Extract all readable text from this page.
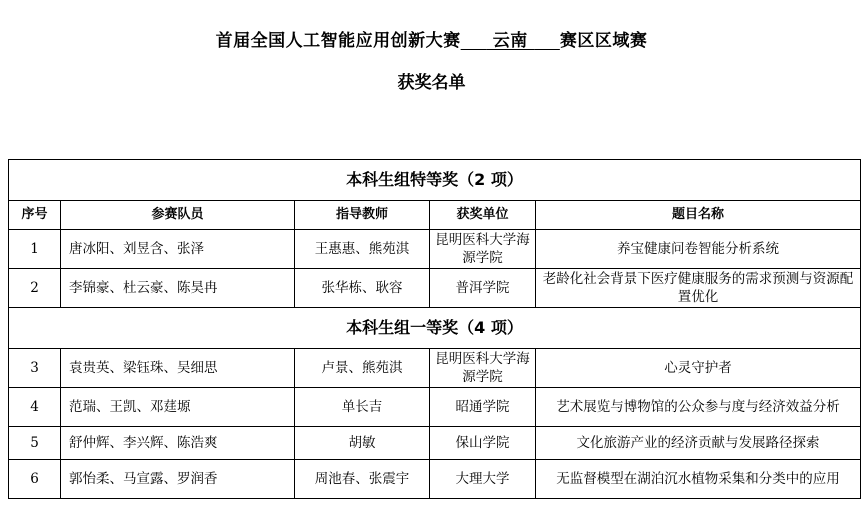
首届全国人工智能应用创新大赛     云南     赛区区域赛
获奖名单
本科生组特等奖（2 项）				
序号	参赛队员	指导教师	获奖单位	题目名称
1	唐冰阳、刘昱含、张泽	王惠惠、熊苑淇	昆明医科大学海源学院	养宝健康问卷智能分析系统
2	李锦豪、杜云豪、陈昊冉	张华栋、耿容	普洱学院	老龄化社会背景下医疗健康服务的需求预测与资源配置优化
本科生组一等奖（4 项）				
3	袁贵英、梁钰珠、吴细思	卢景、熊苑淇	昆明医科大学海源学院	心灵守护者
4	范瑞、王凯、邓莛塬	单长吉	昭通学院	艺术展览与博物馆的公众参与度与经济效益分析
5	舒仲辉、李兴辉、陈浩爽	胡敏	保山学院	文化旅游产业的经济贡献与发展路径探索
6	郭怡柔、马宣露、罗润香	周池春、张震宇	大理大学	无监督模型在湖泊沉水植物采集和分类中的应用
